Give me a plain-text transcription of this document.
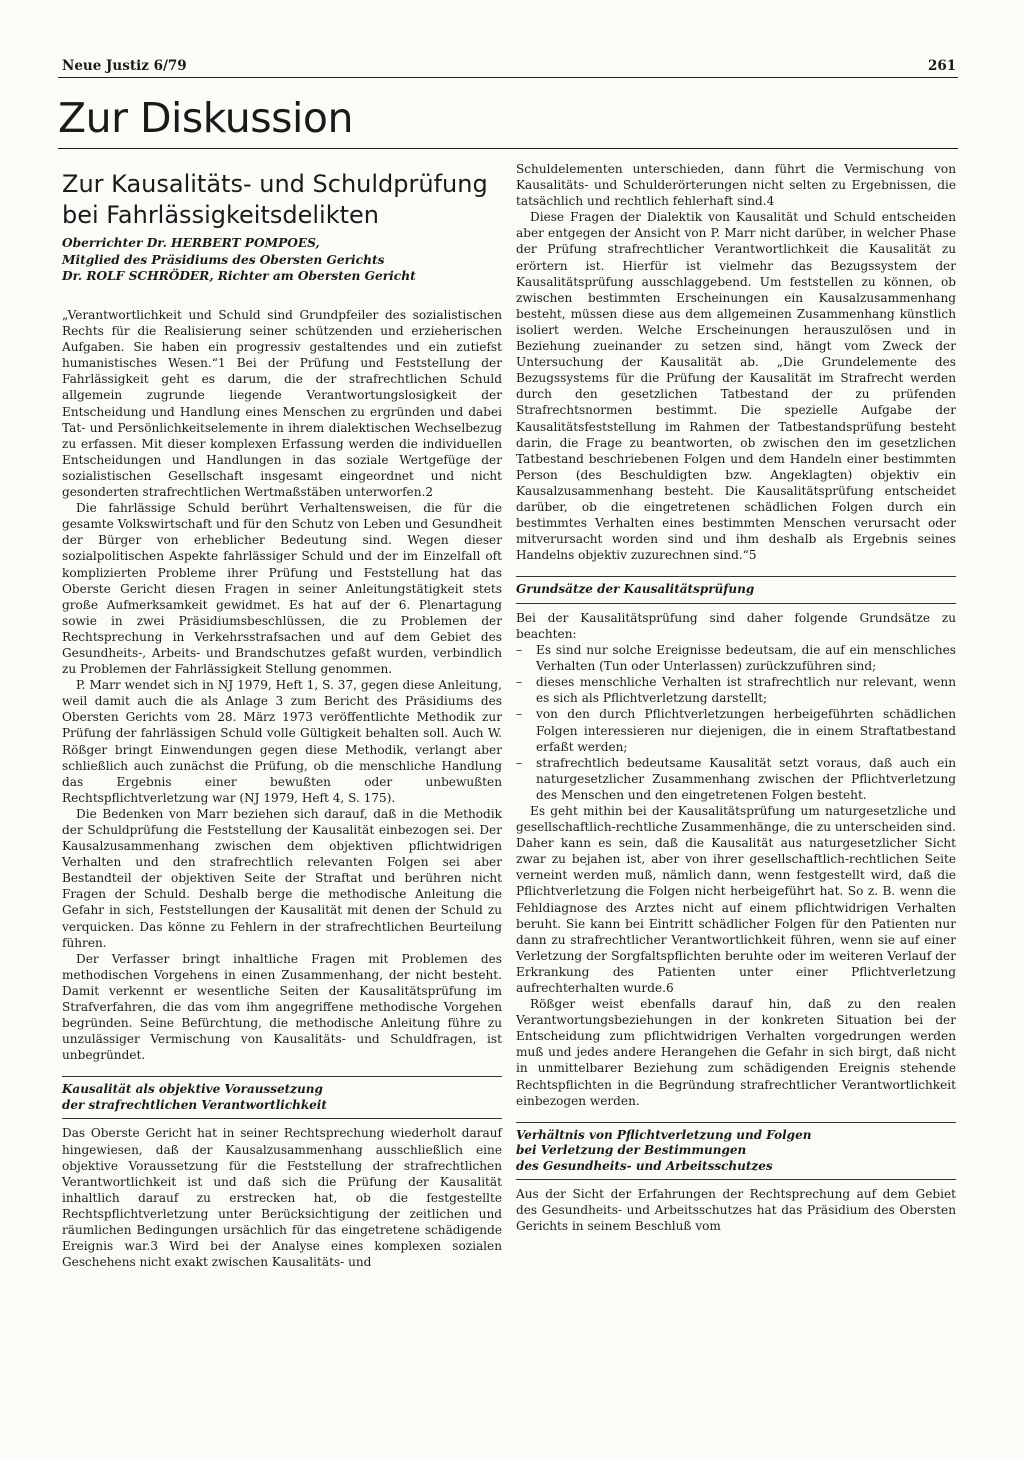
Neue Justiz 6/79	261
Zur Diskussion
Zur Kausalitäts- und Schuldprüfung
bei Fahrlässigkeitsdelikten
Oberrichter Dr. HERBERT POMPOES,
Mitglied des Präsidiums des Obersten Gerichts
Dr. ROLF SCHRÖDER, Richter am Obersten Gericht

„Verantwortlichkeit und Schuld sind Grundpfeiler des sozialistischen Rechts für die Realisierung seiner schützenden und erzieherischen Aufgaben. Sie haben ein progressiv gestaltendes und ein zutiefst humanistisches Wesen.“1 Bei der Prüfung und Feststellung der Fahrlässigkeit geht es darum, die der strafrechtlichen Schuld allgemein zugrunde liegende Verantwortungslosigkeit der Entscheidung und Handlung eines Menschen zu ergründen und dabei Tat- und Persönlichkeitselemente in ihrem dialektischen Wechselbezug zu erfassen. Mit dieser komplexen Erfassung werden die individuellen Entscheidungen und Handlungen in das soziale Wertgefüge der sozialistischen Gesellschaft insgesamt eingeordnet und nicht gesonderten strafrechtlichen Wertmaßstäben unterworfen.2

Die fahrlässige Schuld berührt Verhaltensweisen, die für die gesamte Volkswirtschaft und für den Schutz von Leben und Gesundheit der Bürger von erheblicher Bedeutung sind. Wegen dieser sozialpolitischen Aspekte fahrlässiger Schuld und der im Einzelfall oft komplizierten Probleme ihrer Prüfung und Feststellung hat das Oberste Gericht diesen Fragen in seiner Anleitungstätigkeit stets große Aufmerksamkeit gewidmet. Es hat auf der 6. Plenartagung sowie in zwei Präsidiumsbeschlüssen, die zu Problemen der Rechtsprechung in Verkehrsstrafsachen und auf dem Gebiet des Gesundheits-, Arbeits- und Brandschutzes gefaßt wurden, verbindlich zu Problemen der Fahrlässigkeit Stellung genommen.

P. Marr wendet sich in NJ 1979, Heft 1, S. 37, gegen diese Anleitung, weil damit auch die als Anlage 3 zum Bericht des Präsidiums des Obersten Gerichts vom 28. März 1973 veröffentlichte Methodik zur Prüfung der fahrlässigen Schuld volle Gültigkeit behalten soll. Auch W. Rößger bringt Einwendungen gegen diese Methodik, verlangt aber schließlich auch zunächst die Prüfung, ob die menschliche Handlung das Ergebnis einer bewußten oder unbewußten Rechtspflichtverletzung war (NJ 1979, Heft 4, S. 175).

Die Bedenken von Marr beziehen sich darauf, daß in die Methodik der Schuldprüfung die Feststellung der Kausalität einbezogen sei. Der Kausalzusammenhang zwischen dem objektiven pflichtwidrigen Verhalten und den strafrechtlich relevanten Folgen sei aber Bestandteil der objektiven Seite der Straftat und berühren nicht Fragen der Schuld. Deshalb berge die methodische Anleitung die Gefahr in sich, Feststellungen der Kausalität mit denen der Schuld zu verquicken. Das könne zu Fehlern in der strafrechtlichen Beurteilung führen.

Der Verfasser bringt inhaltliche Fragen mit Problemen des methodischen Vorgehens in einen Zusammenhang, der nicht besteht. Damit verkennt er wesentliche Seiten der Kausalitätsprüfung im Strafverfahren, die das vom ihm angegriffene methodische Vorgehen begründen. Seine Befürchtung, die methodische Anleitung führe zu unzulässiger Vermischung von Kausalitäts- und Schuldfragen, ist unbegründet.

Kausalität als objektive Voraussetzung
der strafrechtlichen Verantwortlichkeit

Das Oberste Gericht hat in seiner Rechtsprechung wiederholt darauf hingewiesen, daß der Kausalzusammenhang ausschließlich eine objektive Voraussetzung für die Feststellung der strafrechtlichen Verantwortlichkeit ist und daß sich die Prüfung der Kausalität inhaltlich darauf zu erstrecken hat, ob die festgestellte Rechtspflichtverletzung unter Berücksichtigung der zeitlichen und räumlichen Bedingungen ursächlich für das eingetretene schädigende Ereignis war.3 Wird bei der Analyse eines komplexen sozialen Geschehens nicht exakt zwischen Kausalitäts- und

Schuldelementen unterschieden, dann führt die Vermischung von Kausalitäts- und Schulderörterungen nicht selten zu Ergebnissen, die tatsächlich und rechtlich fehlerhaft sind.4

Diese Fragen der Dialektik von Kausalität und Schuld entscheiden aber entgegen der Ansicht von P. Marr nicht darüber, in welcher Phase der Prüfung strafrechtlicher Verantwortlichkeit die Kausalität zu erörtern ist. Hierfür ist vielmehr das Bezugssystem der Kausalitätsprüfung ausschlaggebend. Um feststellen zu können, ob zwischen bestimmten Erscheinungen ein Kausalzusammenhang besteht, müssen diese aus dem allgemeinen Zusammenhang künstlich isoliert werden. Welche Erscheinungen herauszulösen und in Beziehung zueinander zu setzen sind, hängt vom Zweck der Untersuchung der Kausalität ab. „Die Grundelemente des Bezugssystems für die Prüfung der Kausalität im Strafrecht werden durch den gesetzlichen Tatbestand der zu prüfenden Strafrechtsnormen bestimmt. Die spezielle Aufgabe der Kausalitätsfeststellung im Rahmen der Tatbestandsprüfung besteht darin, die Frage zu beantworten, ob zwischen den im gesetzlichen Tatbestand beschriebenen Folgen und dem Handeln einer bestimmten Person (des Beschuldigten bzw. Angeklagten) objektiv ein Kausalzusammenhang besteht. Die Kausalitätsprüfung entscheidet darüber, ob die eingetretenen schädlichen Folgen durch ein bestimmtes Verhalten eines bestimmten Menschen verursacht oder mitverursacht worden sind und ihm deshalb als Ergebnis seines Handelns objektiv zuzurechnen sind.“5

Grundsätze der Kausalitätsprüfung

Bei der Kausalitätsprüfung sind daher folgende Grundsätze zu beachten:

– Es sind nur solche Ereignisse bedeutsam, die auf ein menschliches Verhalten (Tun oder Unterlassen) zurückzuführen sind;
– dieses menschliche Verhalten ist strafrechtlich nur relevant, wenn es sich als Pflichtverletzung darstellt;
– von den durch Pflichtverletzungen herbeigeführten schädlichen Folgen interessieren nur diejenigen, die in einem Straftatbestand erfaßt werden;
– strafrechtlich bedeutsame Kausalität setzt voraus, daß auch ein naturgesetzlicher Zusammenhang zwischen der Pflichtverletzung des Menschen und den eingetretenen Folgen besteht.

Es geht mithin bei der Kausalitätsprüfung um naturgesetzliche und gesellschaftlich-rechtliche Zusammenhänge, die zu unterscheiden sind. Daher kann es sein, daß die Kausalität aus naturgesetzlicher Sicht zwar zu bejahen ist, aber von ihrer gesellschaftlich-rechtlichen Seite verneint werden muß, nämlich dann, wenn festgestellt wird, daß die Pflichtverletzung die Folgen nicht herbeigeführt hat. So z. B. wenn die Fehldiagnose des Arztes nicht auf einem pflichtwidrigen Verhalten beruht. Sie kann bei Eintritt schädlicher Folgen für den Patienten nur dann zu strafrechtlicher Verantwortlichkeit führen, wenn sie auf einer Verletzung der Sorgfaltspflichten beruhte oder im weiteren Verlauf der Erkrankung des Patienten unter einer Pflichtverletzung aufrechterhalten wurde.6

Rößger weist ebenfalls darauf hin, daß zu den realen Verantwortungsbeziehungen in der konkreten Situation bei der Entscheidung zum pflichtwidrigen Verhalten vorgedrungen werden muß und jedes andere Herangehen die Gefahr in sich birgt, daß nicht in unmittelbarer Beziehung zum schädigenden Ereignis stehende Rechtspflichten in die Begründung strafrechtlicher Verantwortlichkeit einbezogen werden.

Verhältnis von Pflichtverletzung und Folgen
bei Verletzung der Bestimmungen
des Gesundheits- und Arbeitsschutzes

Aus der Sicht der Erfahrungen der Rechtsprechung auf dem Gebiet des Gesundheits- und Arbeitsschutzes hat das Präsidium des Obersten Gerichts in seinem Beschluß vom
